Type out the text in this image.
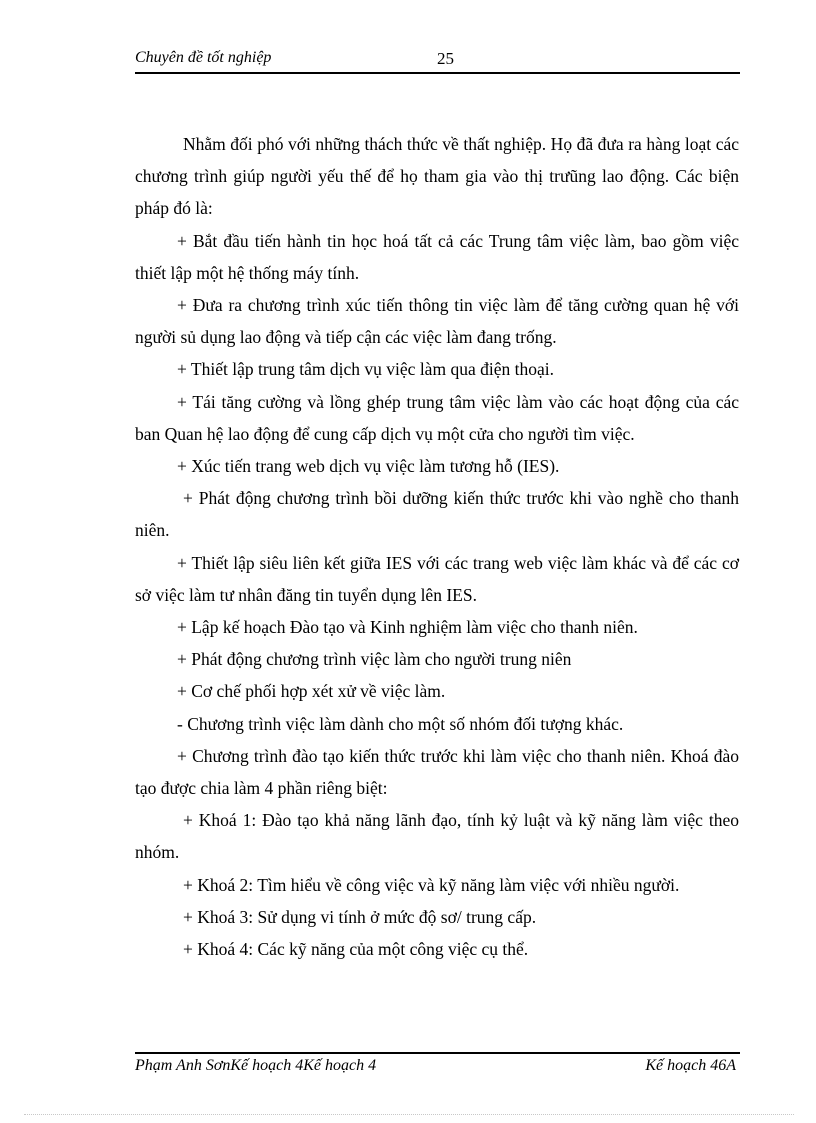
Chuyên đề tốt nghiệp	25

Nhằm đối phó với những thách thức về thất nghiệp. Họ đã đưa ra hàng loạt các chương trình giúp người yếu thế để họ tham gia vào thị trưũng lao động. Các biện pháp đó là:

+ Bắt đầu tiến hành tin học hoá tất cả các Trung tâm việc làm, bao gồm việc thiết lập một hệ thống máy tính.

+ Đưa ra chương trình xúc tiến thông tin việc làm để tăng cường quan hệ với người sủ dụng lao động và tiếp cận các việc làm đang trống.

+ Thiết lập trung tâm dịch vụ việc làm qua điện thoại.

+ Tái tăng cường và lồng ghép trung tâm việc làm vào các hoạt động của các ban Quan hệ lao động để cung cấp dịch vụ một cửa cho người tìm việc.

+ Xúc tiến trang web dịch vụ việc làm tương hỗ (IES).

+ Phát động chương trình bồi dưỡng kiến thức trước khi vào nghề cho thanh niên.

+ Thiết lập siêu liên kết giữa IES với các trang web việc làm khác và để các cơ sở việc làm tư nhân đăng tin tuyển dụng lên IES.

+ Lập kế hoạch Đào tạo và Kinh nghiệm làm việc cho thanh niên.

+ Phát động chương trình việc làm cho người trung niên

+ Cơ chế phối hợp xét xử về việc làm.

- Chương trình việc làm dành cho một số nhóm đối tượng khác.

+ Chương trình đào tạo kiến thức trước khi làm việc cho thanh niên. Khoá đào tạo được chia làm 4 phần riêng biệt:

+ Khoá 1: Đào tạo khả năng lãnh đạo, tính kỷ luật và kỹ năng làm việc theo nhóm.

+ Khoá 2: Tìm hiểu về công việc và kỹ năng làm việc với nhiều người.

+ Khoá 3: Sử dụng vi tính ở mức độ sơ/ trung cấp.

+ Khoá 4: Các kỹ năng của một công việc cụ thể.

Phạm Anh SơnKế hoạch 4Kế hoạch 4	Kế hoạch 46A
